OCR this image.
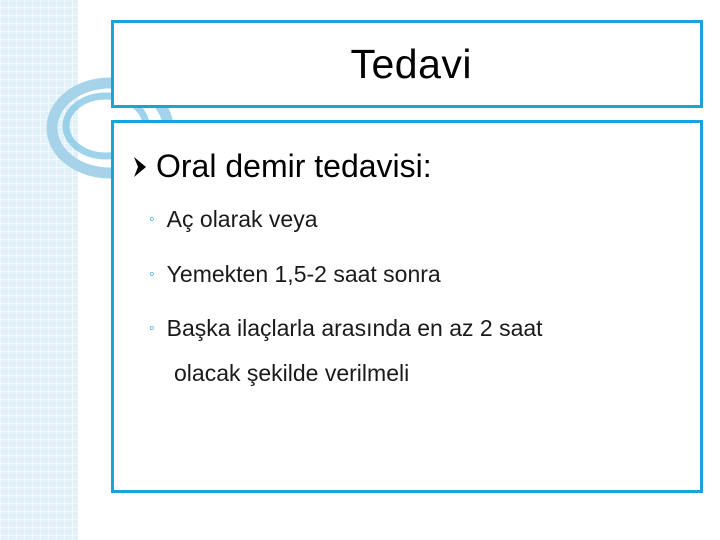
Tedavi
Oral demir tedavisi:
◦ Aç olarak veya
◦ Yemekten 1,5-2 saat sonra
◦ Başka ilaçlarla arasında en az 2 saat
olacak şekilde verilmeli
